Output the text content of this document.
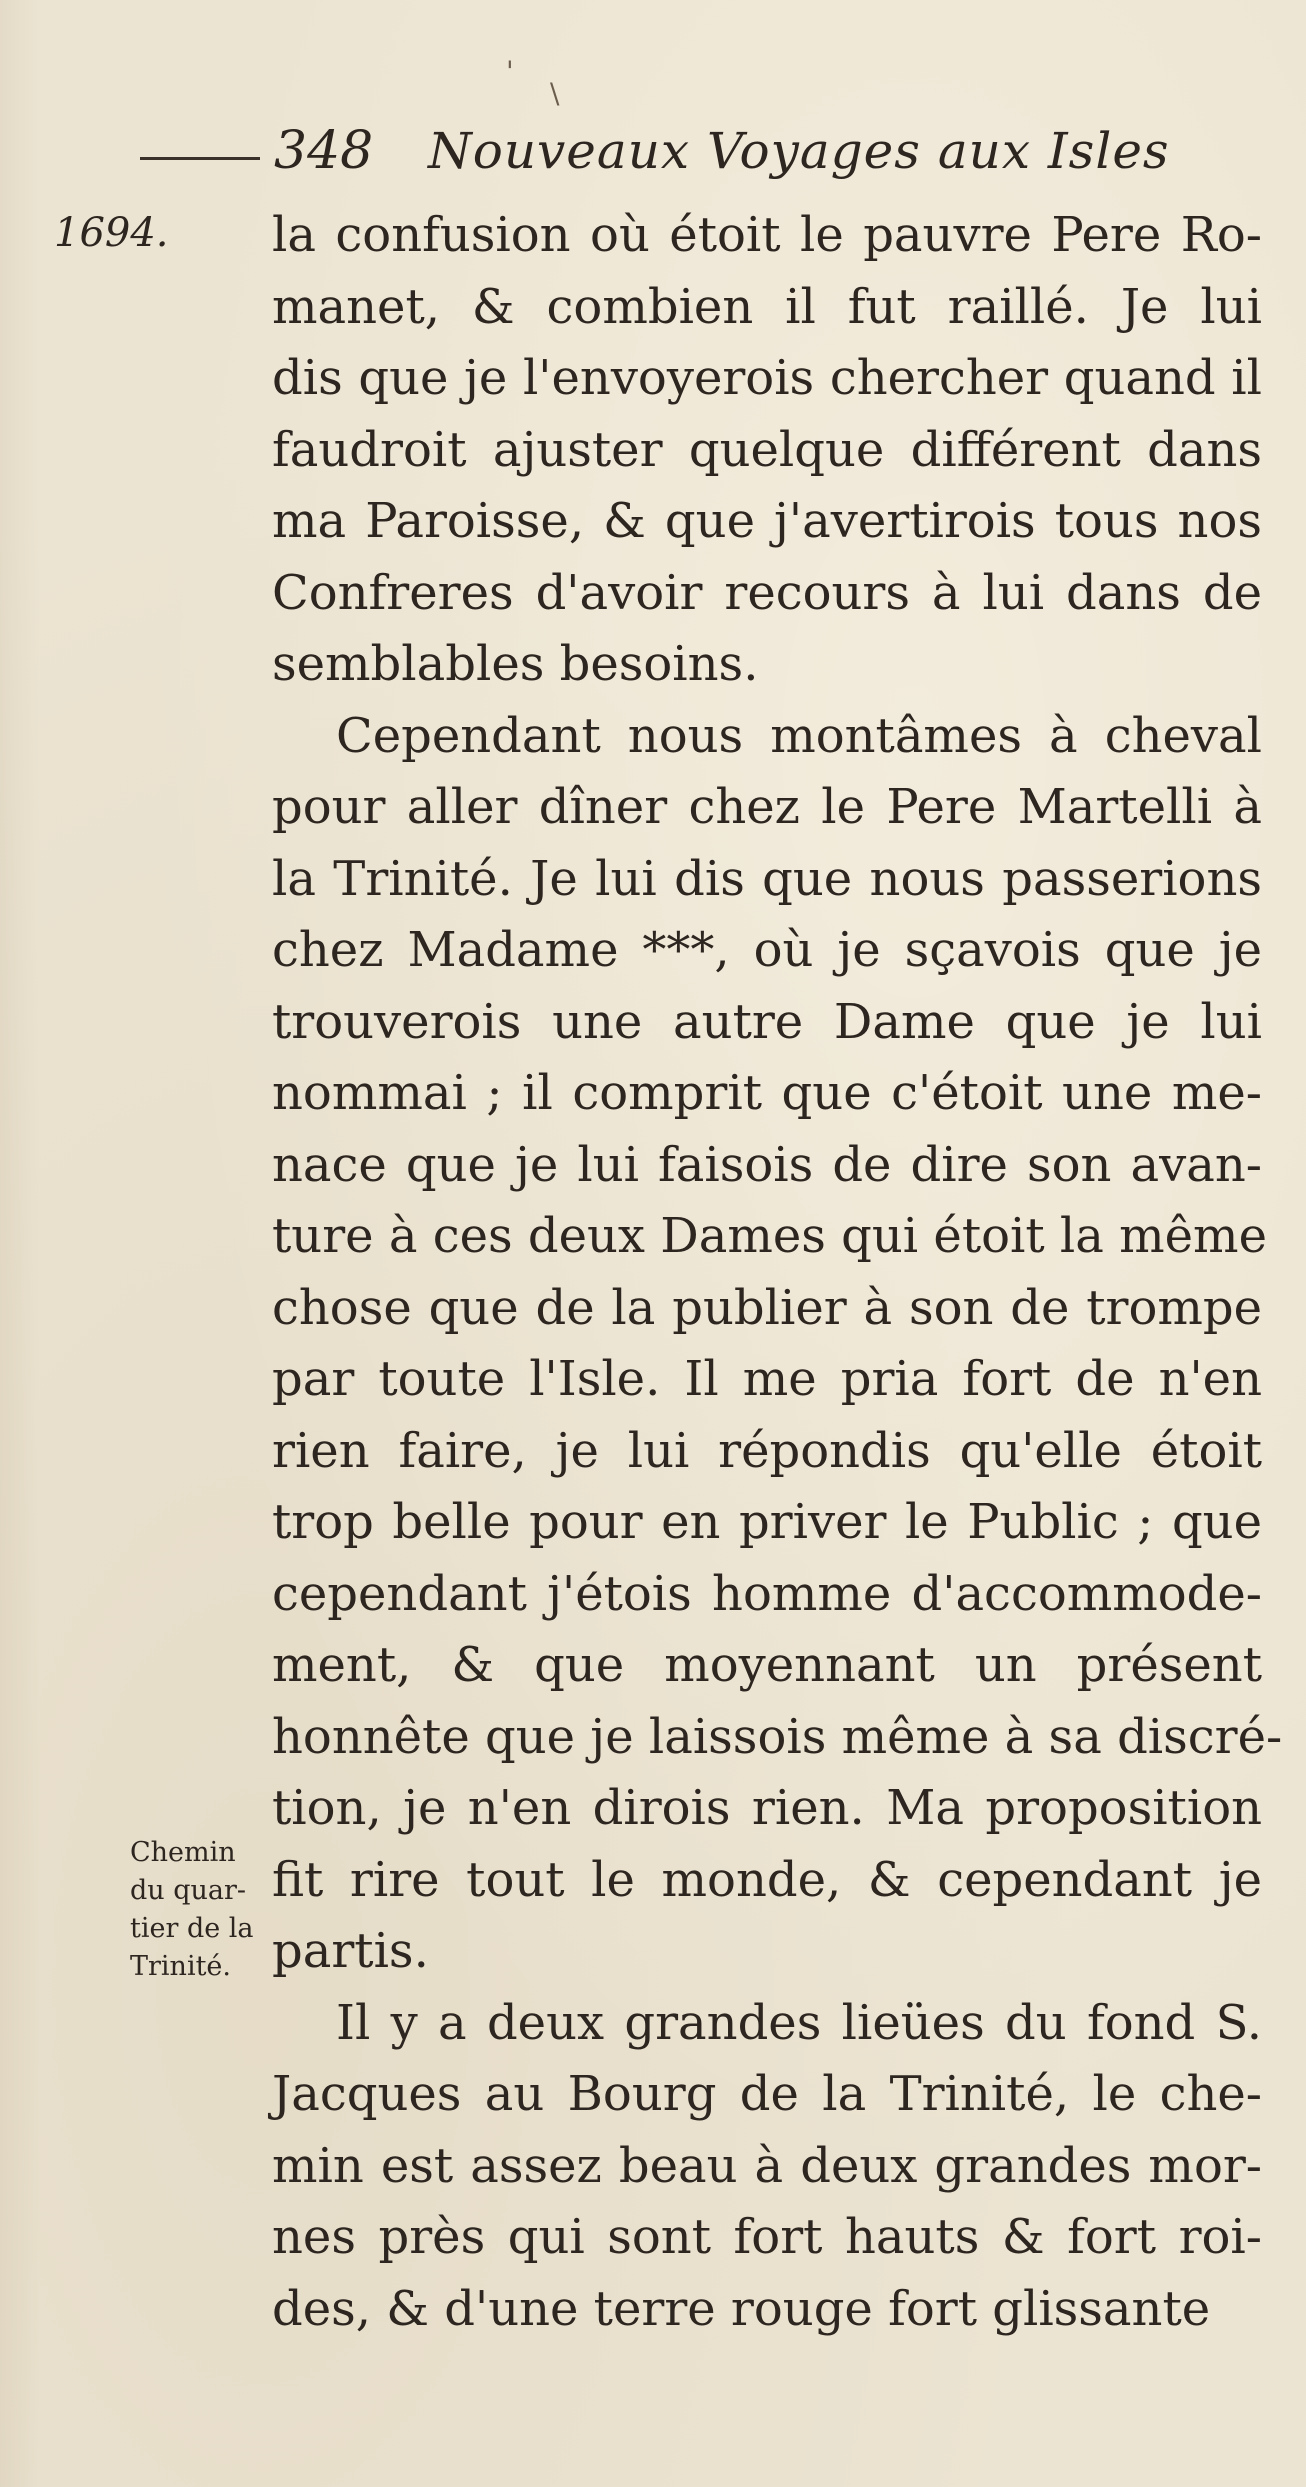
'
\
348 Nouveaux Voyages aux Isles
1694. la confusion où étoit le pauvre Pere Ro-
manet, & combien il fut raillé. Je lui
dis que je l'envoyerois chercher quand il
faudroit ajuster quelque différent dans
ma Paroisse, & que j'avertirois tous nos
Confreres d'avoir recours à lui dans de
semblables besoins.
Cependant nous montâmes à cheval
pour aller dîner chez le Pere Martelli à
la Trinité. Je lui dis que nous passerions
chez Madame ***, où je sçavois que je
trouverois une autre Dame que je lui
nommai ; il comprit que c'étoit une me-
nace que je lui faisois de dire son avan-
ture à ces deux Dames qui étoit la même
chose que de la publier à son de trompe
par toute l'Isle. Il me pria fort de n'en
rien faire, je lui répondis qu'elle étoit
trop belle pour en priver le Public ; que
cependant j'étois homme d'accommode-
ment, & que moyennant un présent
honnête que je laissois même à sa discré-
tion, je n'en dirois rien. Ma proposition
fit rire tout le monde, & cependant je
partis.
Il y a deux grandes lieües du fond S.
Jacques au Bourg de la Trinité, le che-
min est assez beau à deux grandes mor-
nes près qui sont fort hauts & fort roi-
des, & d'une terre rouge fort glissante
Chemin
du quar-
tier de la
Trinité.
